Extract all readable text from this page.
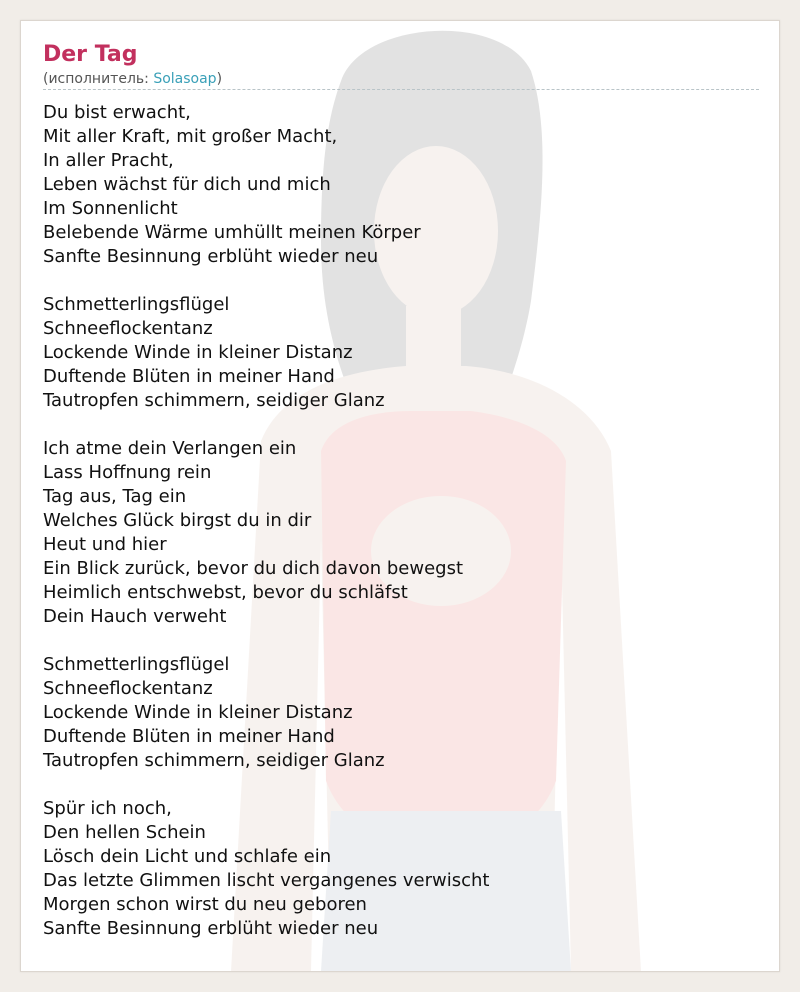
Der Tag
(исполнитель: Solasoap)
Du bist erwacht,
Mit aller Kraft, mit großer Macht,
In aller Pracht,
Leben wächst für dich und mich
Im Sonnenlicht
Belebende Wärme umhüllt meinen Körper
Sanfte Besinnung erblüht wieder neu
Schmetterlingsflügel
Schneeflockentanz
Lockende Winde in kleiner Distanz
Duftende Blüten in meiner Hand
Tautropfen schimmern, seidiger Glanz
Ich atme dein Verlangen ein
Lass Hoffnung rein
Tag aus, Tag ein
Welches Glück birgst du in dir
Heut und hier
Ein Blick zurück, bevor du dich davon bewegst
Heimlich entschwebst, bevor du schläfst
Dein Hauch verweht
Schmetterlingsflügel
Schneeflockentanz
Lockende Winde in kleiner Distanz
Duftende Blüten in meiner Hand
Tautropfen schimmern, seidiger Glanz
Spür ich noch,
Den hellen Schein
Lösch dein Licht und schlafe ein
Das letzte Glimmen lischt vergangenes verwischt
Morgen schon wirst du neu geboren
Sanfte Besinnung erblüht wieder neu
